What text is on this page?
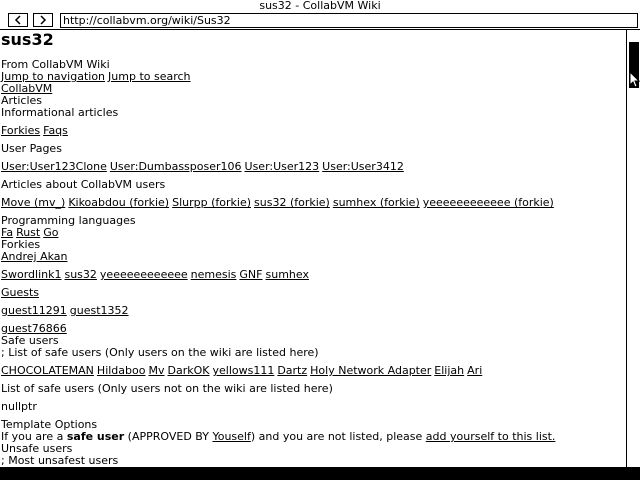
sus32 - CollabVM Wiki
http://collabvm.org/wiki/Sus32
sus32
From CollabVM Wiki
Jump to navigation Jump to search
CollabVM
Articles
Informational articles
Forkies Faqs
User Pages
User:User123Clone User:Dumbassposer106 User:User123 User:User3412
Articles about CollabVM users
Move (mv_) Kikoabdou (forkie) Slurpp (forkie) sus32 (forkie) sumhex (forkie) yeeeeeeeeeeee (forkie)
Programming languages
Fa Rust Go
Forkies
Andrej Akan
Swordlink1 sus32 yeeeeeeeeeeee nemesis GNF sumhex
Guests
guest11291 guest1352
guest76866
Safe users
; List of safe users (Only users on the wiki are listed here)
CHOCOLATEMAN Hildaboo Mv DarkOK yellows111 Dartz Holy Network Adapter Elijah Ari
List of safe users (Only users not on the wiki are listed here)
nullptr
Template Options
If you are a safe user (APPROVED BY Youself) and you are not listed, please add yourself to this list.
Unsafe users
; Most unsafest users
